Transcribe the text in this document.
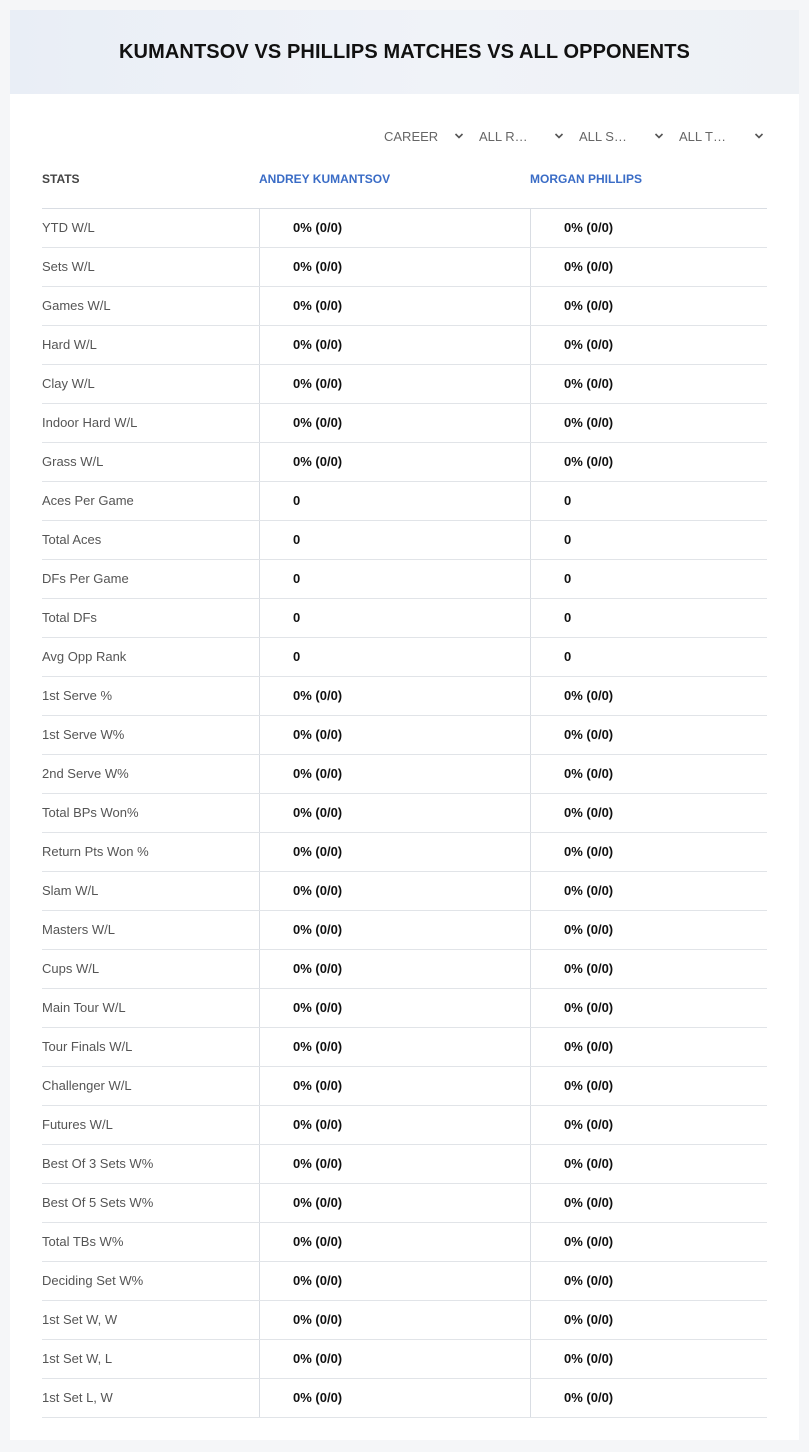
KUMANTSOV VS PHILLIPS MATCHES VS ALL OPPONENTS
CAREER	ALL R…	ALL S…	ALL T…
STATS	ANDREY KUMANTSOV	MORGAN PHILLIPS
YTD W/L	0% (0/0)	0% (0/0)
Sets W/L	0% (0/0)	0% (0/0)
Games W/L	0% (0/0)	0% (0/0)
Hard W/L	0% (0/0)	0% (0/0)
Clay W/L	0% (0/0)	0% (0/0)
Indoor Hard W/L	0% (0/0)	0% (0/0)
Grass W/L	0% (0/0)	0% (0/0)
Aces Per Game	0	0
Total Aces	0	0
DFs Per Game	0	0
Total DFs	0	0
Avg Opp Rank	0	0
1st Serve %	0% (0/0)	0% (0/0)
1st Serve W%	0% (0/0)	0% (0/0)
2nd Serve W%	0% (0/0)	0% (0/0)
Total BPs Won%	0% (0/0)	0% (0/0)
Return Pts Won %	0% (0/0)	0% (0/0)
Slam W/L	0% (0/0)	0% (0/0)
Masters W/L	0% (0/0)	0% (0/0)
Cups W/L	0% (0/0)	0% (0/0)
Main Tour W/L	0% (0/0)	0% (0/0)
Tour Finals W/L	0% (0/0)	0% (0/0)
Challenger W/L	0% (0/0)	0% (0/0)
Futures W/L	0% (0/0)	0% (0/0)
Best Of 3 Sets W%	0% (0/0)	0% (0/0)
Best Of 5 Sets W%	0% (0/0)	0% (0/0)
Total TBs W%	0% (0/0)	0% (0/0)
Deciding Set W%	0% (0/0)	0% (0/0)
1st Set W, W	0% (0/0)	0% (0/0)
1st Set W, L	0% (0/0)	0% (0/0)
1st Set L, W	0% (0/0)	0% (0/0)
